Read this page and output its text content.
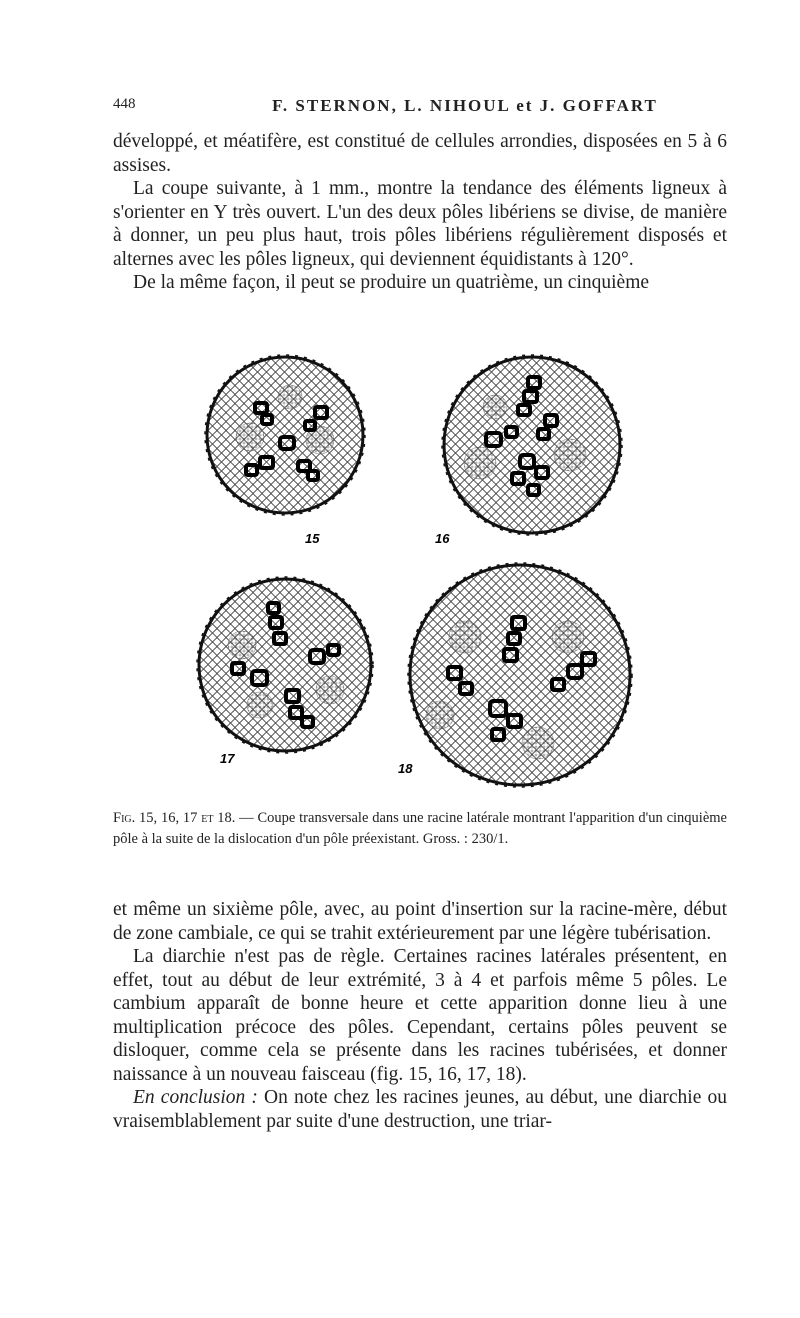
448	F. STERNON, L. NIHOUL et J. GOFFART

développé, et méatifère, est constitué de cellules arrondies, disposées en 5 à 6 assises.

La coupe suivante, à 1 mm., montre la tendance des éléments ligneux à s'orienter en Y très ouvert. L'un des deux pôles libériens se divise, de manière à donner, un peu plus haut, trois pôles libériens régulièrement disposés et alternes avec les pôles ligneux, qui deviennent équidistants à 120°.

De la même façon, il peut se produire un quatrième, un cinquième

15	16
17
18
Fig. 15, 16, 17 et 18. — Coupe transversale dans une racine latérale montrant l'apparition d'un cinquième pôle à la suite de la dislocation d'un pôle préexistant. Gross. : 230/1.

et même un sixième pôle, avec, au point d'insertion sur la racine-mère, début de zone cambiale, ce qui se trahit extérieurement par une légère tubérisation.

La diarchie n'est pas de règle. Certaines racines latérales présentent, en effet, tout au début de leur extrémité, 3 à 4 et parfois même 5 pôles. Le cambium apparaît de bonne heure et cette apparition donne lieu à une multiplication précoce des pôles. Cependant, certains pôles peuvent se disloquer, comme cela se présente dans les racines tubérisées, et donner naissance à un nouveau faisceau (fig. 15, 16, 17, 18).

En conclusion : On note chez les racines jeunes, au début, une diarchie ou vraisemblablement par suite d'une destruction, une triar-
